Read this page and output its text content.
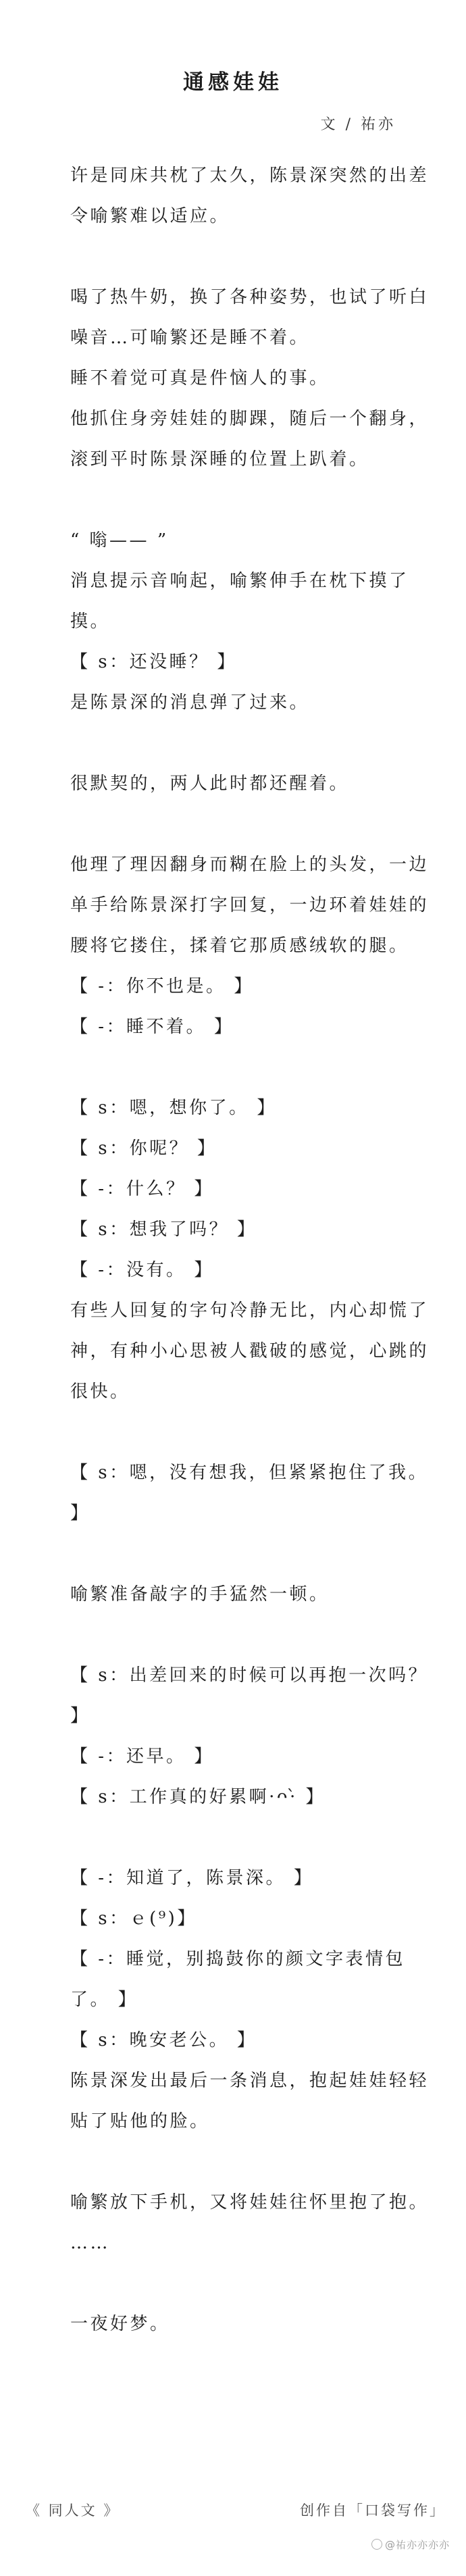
通感娃娃
文 / 祐亦
许是同床共枕了太久，陈景深突然的出差令喻繁难以适应。
喝了热牛奶，换了各种姿势，也试了听白噪音…可喻繁还是睡不着。
睡不着觉可真是件恼人的事。
他抓住身旁娃娃的脚踝，随后一个翻身，滚到平时陈景深睡的位置上趴着。
“ 嗡—— ”
消息提示音响起，喻繁伸手在枕下摸了摸。
【 s：还没睡？ 】
是陈景深的消息弹了过来。
很默契的，两人此时都还醒着。
他理了理因翻身而糊在脸上的头发，一边单手给陈景深打字回复，一边环着娃娃的腰将它搂住，揉着它那质感绒软的腿。
【 -：你不也是。 】
【 -：睡不着。 】
【 s：嗯，想你了。 】
【 s：你呢？ 】
【 -：什么？ 】
【 s：想我了吗？ 】
【 -：没有。 】
有些人回复的字句冷静无比，内心却慌了神，有种小心思被人戳破的感觉，心跳的很快。
【 s：嗯，没有想我，但紧紧抱住了我。 】
喻繁准备敲字的手猛然一顿。
【 s：出差回来的时候可以再抱一次吗？ 】
【 -：还早。 】
【 s：工作真的好累啊·ᴖ·̀ 】
【 -：知道了，陈景深。 】
【 s：ｅ(⁹)】
【 -：睡觉，别捣鼓你的颜文字表情包了。 】
【 s：晚安老公。 】
陈景深发出最后一条消息，抱起娃娃轻轻贴了贴他的脸。
喻繁放下手机，又将娃娃往怀里抱了抱。
……
一夜好梦。
《 同人文 》	创作自「口袋写作」
@祐亦亦亦亦
